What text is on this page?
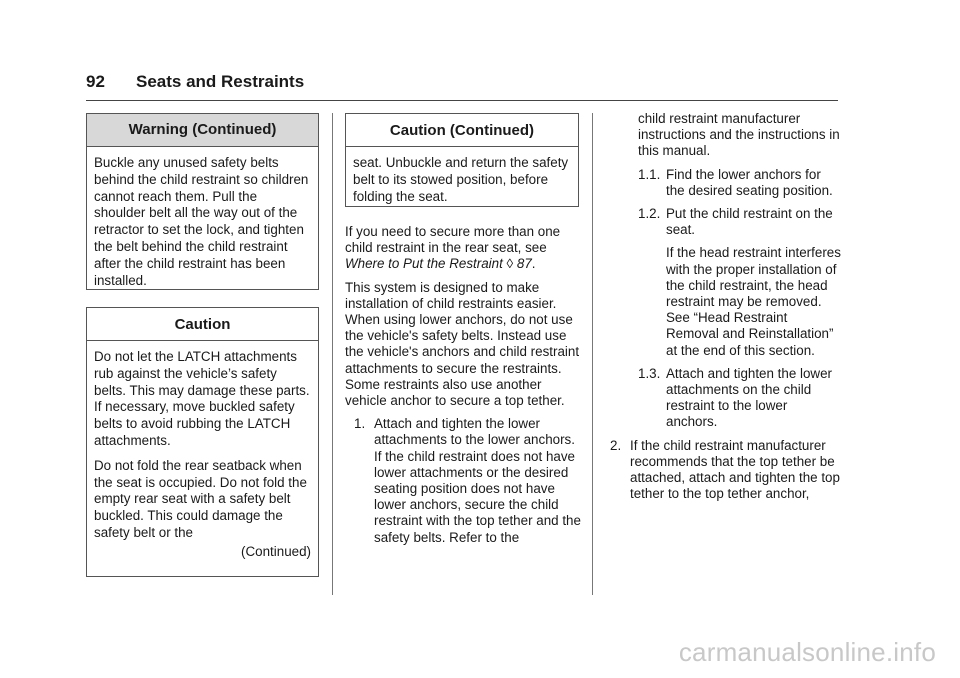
92 Seats and Restraints
Warning (Continued)

Buckle any unused safety belts behind the child restraint so children cannot reach them. Pull the shoulder belt all the way out of the retractor to set the lock, and tighten the belt behind the child restraint after the child restraint has been installed.

Caution

Do not let the LATCH attachments rub against the vehicle’s safety belts. This may damage these parts. If necessary, move buckled safety belts to avoid rubbing the LATCH attachments.

Do not fold the rear seatback when the seat is occupied. Do not fold the empty rear seat with a safety belt buckled. This could damage the safety belt or the

(Continued)
Caution (Continued)

seat. Unbuckle and return the safety belt to its stowed position, before folding the seat.

If you need to secure more than one child restraint in the rear seat, see Where to Put the Restraint ◊ 87.

This system is designed to make installation of child restraints easier. When using lower anchors, do not use the vehicle's safety belts. Instead use the vehicle's anchors and child restraint attachments to secure the restraints. Some restraints also use another vehicle anchor to secure a top tether.

1. Attach and tighten the lower attachments to the lower anchors. If the child restraint does not have lower attachments or the desired seating position does not have lower anchors, secure the child restraint with the top tether and the safety belts. Refer to the

child restraint manufacturer instructions and the instructions in this manual.

1.1. Find the lower anchors for the desired seating position.
1.2. Put the child restraint on the seat.

If the head restraint interferes with the proper installation of the child restraint, the head restraint may be removed. See “Head Restraint Removal and Reinstallation” at the end of this section.

1.3. Attach and tighten the lower attachments on the child restraint to the lower anchors.
2. If the child restraint manufacturer recommends that the top tether be attached, attach and tighten the top tether to the top tether anchor,
carmanualsonline.info
